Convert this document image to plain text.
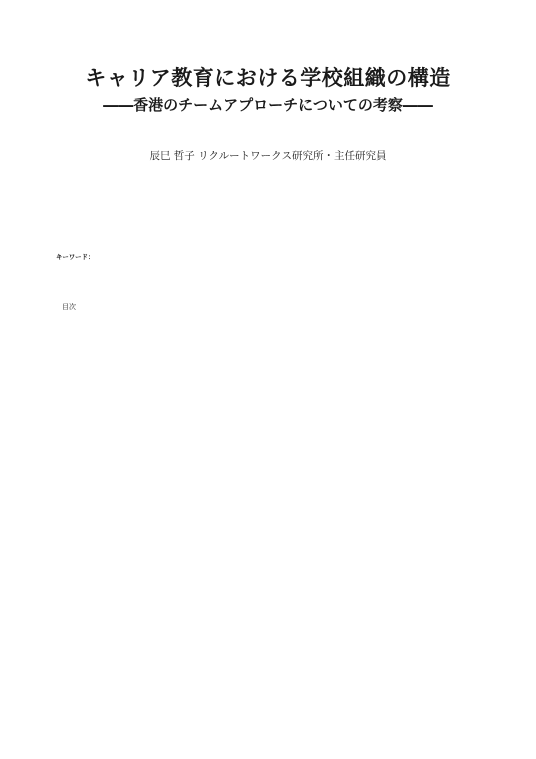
キャリア教育における学校組織の構造
――香港のチームアプローチについての考察――
辰巳 哲子 リクルートワークス研究所・主任研究員
キーワード：
目次
